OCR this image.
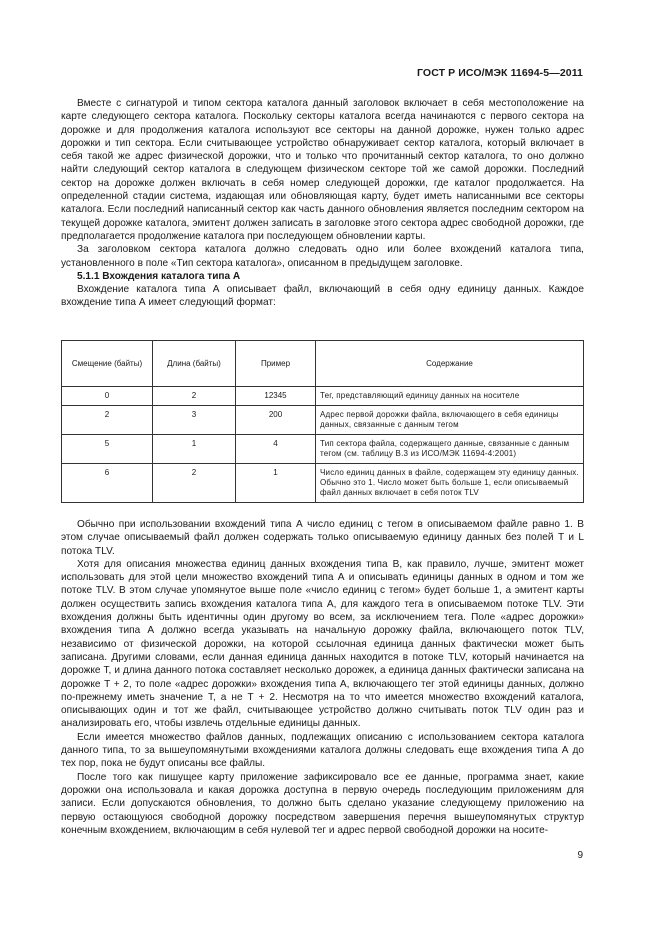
ГОСТ Р ИСО/МЭК 11694-5—2011

Вместе с сигнатурой и типом сектора каталога данный заголовок включает в себя местоположение на карте следующего сектора каталога. Поскольку секторы каталога всегда начинаются с первого сектора на дорожке и для продолжения каталога используют все секторы на данной дорожке, нужен только адрес дорожки и тип сектора. Если считывающее устройство обнаруживает сектор каталога, который включает в себя такой же адрес физической дорожки, что и только что прочитанный сектор каталога, то оно должно найти следующий сектор каталога в следующем физическом секторе той же самой дорожки. Последний сектор на дорожке должен включать в себя номер следующей дорожки, где каталог продолжается. На определенной стадии система, издающая или обновляющая карту, будет иметь написанными все секторы каталога. Если последний написанный сектор как часть данного обновления является последним сектором на текущей дорожке каталога, эмитент должен записать в заголовке этого сектора адрес свободной дорожки, где предполагается продолжение каталога при последующем обновлении карты.

За заголовком сектора каталога должно следовать одно или более вхождений каталога типа, установленного в поле «Тип сектора каталога», описанном в предыдущем заголовке.

5.1.1 Вхождения каталога типа А

Вхождение каталога типа А описывает файл, включающий в себя одну единицу данных. Каждое вхождение типа А имеет следующий формат:

Смещение (байты)	Длина (байты)	Пример	Содержание
0	2	12345	Тег, представляющий единицу данных на носителе
2	3	200	Адрес первой дорожки файла, включающего в себя единицы данных, связанные с данным тегом
5	1	4	Тип сектора файла, содержащего данные, связанные с данным тегом (см. таблицу В.3 из ИСО/МЭК 11694-4:2001)
6	2	1	Число единиц данных в файле, содержащем эту единицу данных. Обычно это 1. Число может быть больше 1, если описываемый файл данных включает в себя поток TLV

Обычно при использовании вхождений типа А число единиц с тегом в описываемом файле равно 1. В этом случае описываемый файл должен содержать только описываемую единицу данных без полей T и L потока TLV.

Хотя для описания множества единиц данных вхождения типа В, как правило, лучше, эмитент может использовать для этой цели множество вхождений типа А и описывать единицы данных в одном и том же потоке TLV. В этом случае упомянутое выше поле «число единиц с тегом» будет больше 1, а эмитент карты должен осуществить запись вхождения каталога типа А, для каждого тега в описываемом потоке TLV. Эти вхождения должны быть идентичны один другому во всем, за исключением тега. Поле «адрес дорожки» вхождения типа А должно всегда указывать на начальную дорожку файла, включающего поток TLV, независимо от физической дорожки, на которой ссылочная единица данных фактически может быть записана. Другими словами, если данная единица данных находится в потоке TLV, который начинается на дорожке T, и длина данного потока составляет несколько дорожек, а единица данных фактически записана на дорожке T + 2, то поле «адрес дорожки» вхождения типа А, включающего тег этой единицы данных, должно по-прежнему иметь значение T, а не T + 2. Несмотря на то что имеется множество вхождений каталога, описывающих один и тот же файл, считывающее устройство должно считывать поток TLV один раз и анализировать его, чтобы извлечь отдельные единицы данных.

Если имеется множество файлов данных, подлежащих описанию с использованием сектора каталога данного типа, то за вышеупомянутыми вхождениями каталога должны следовать еще вхождения типа А до тех пор, пока не будут описаны все файлы.

После того как пишущее карту приложение зафиксировало все ее данные, программа знает, какие дорожки она использовала и какая дорожка доступна в первую очередь последующим приложениям для записи. Если допускаются обновления, то должно быть сделано указание следующему приложению на первую остающуюся свободной дорожку посредством завершения перечня вышеупомянутых структур конечным вхождением, включающим в себя нулевой тег и адрес первой свободной дорожки на носите-

9
